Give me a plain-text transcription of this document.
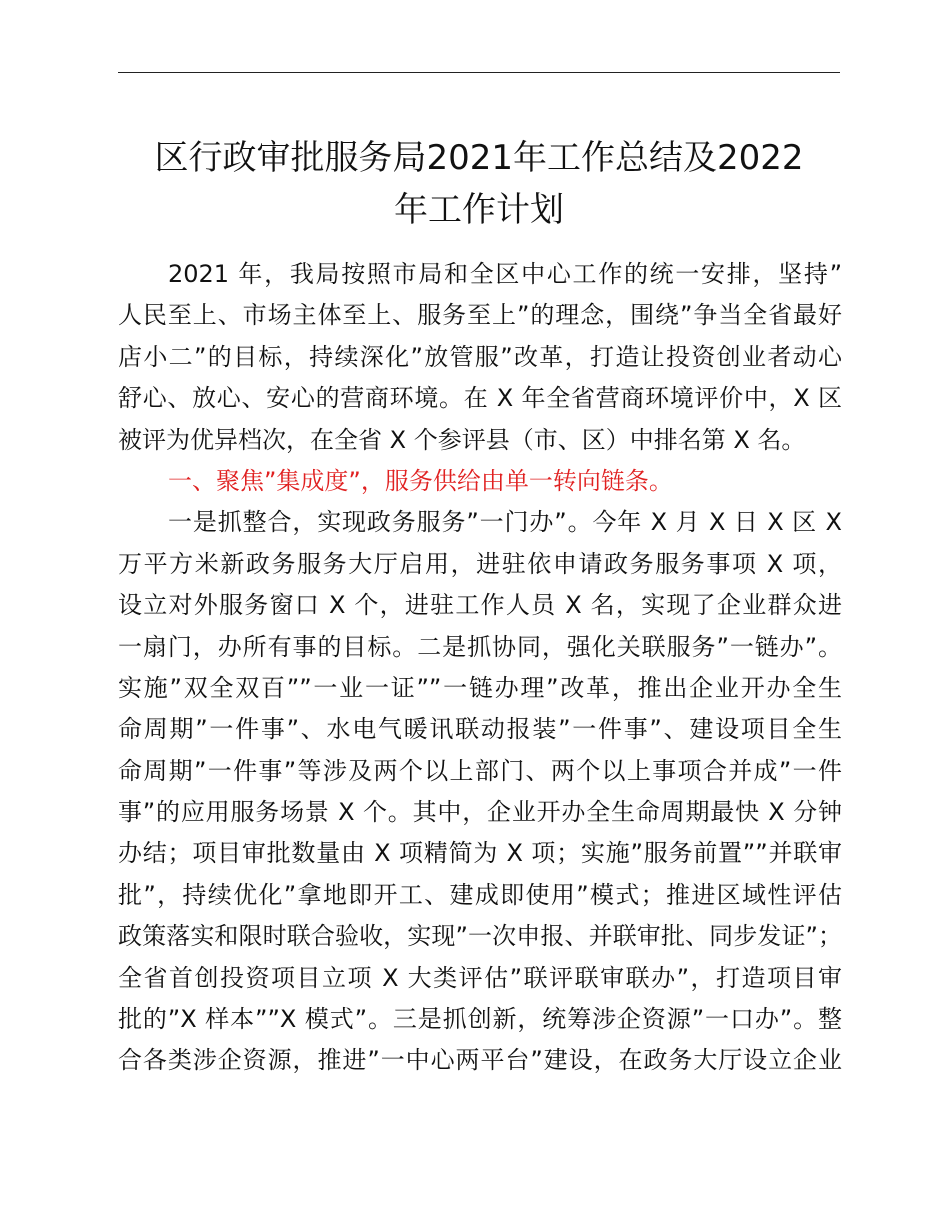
区行政审批服务局2021年工作总结及2022
年工作计划
2021 年，我局按照市局和全区中心工作的统一安排，坚持”
人民至上、市场主体至上、服务至上”的理念，围绕”争当全省最好
店小二”的目标，持续深化”放管服”改革，打造让投资创业者动心
舒心、放心、安心的营商环境。在 X 年全省营商环境评价中，X 区
被评为优异档次，在全省 X 个参评县（市、区）中排名第 X 名。
一、聚焦”集成度”，服务供给由单一转向链条。
一是抓整合，实现政务服务”一门办”。今年 X 月 X 日 X 区 X
万平方米新政务服务大厅启用，进驻依申请政务服务事项 X 项，
设立对外服务窗口 X 个，进驻工作人员 X 名，实现了企业群众进
一扇门，办所有事的目标。二是抓协同，强化关联服务”一链办”。
实施”双全双百””一业一证””一链办理”改革，推出企业开办全生
命周期”一件事”、水电气暖讯联动报装”一件事”、建设项目全生
命周期”一件事”等涉及两个以上部门、两个以上事项合并成”一件
事”的应用服务场景 X 个。其中，企业开办全生命周期最快 X 分钟
办结；项目审批数量由 X 项精简为 X 项；实施”服务前置””并联审
批”，持续优化”拿地即开工、建成即使用”模式；推进区域性评估
政策落实和限时联合验收，实现”一次申报、并联审批、同步发证”；
全省首创投资项目立项 X 大类评估”联评联审联办”，打造项目审
批的”X 样本””X 模式”。三是抓创新，统筹涉企资源”一口办”。整
合各类涉企资源，推进”一中心两平台”建设，在政务大厅设立企业
